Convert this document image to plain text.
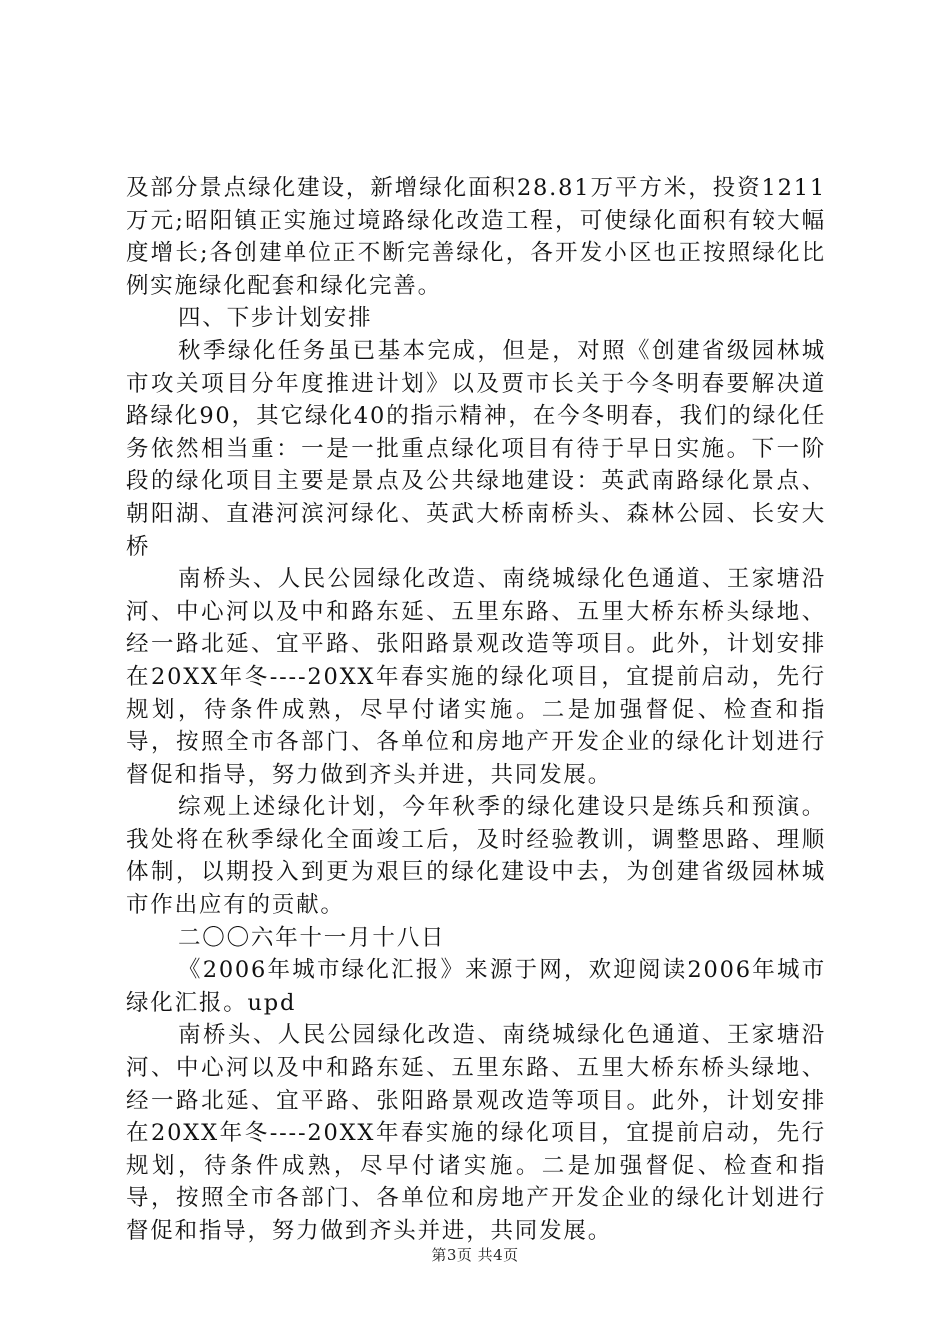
及部分景点绿化建设，新增绿化面积28.81万平方米，投资1211万元;昭阳镇正实施过境路绿化改造工程，可使绿化面积有较大幅度增长;各创建单位正不断完善绿化，各开发小区也正按照绿化比例实施绿化配套和绿化完善。

四、下步计划安排

秋季绿化任务虽已基本完成，但是，对照《创建省级园林城市攻关项目分年度推进计划》以及贾市长关于今冬明春要解决道路绿化90，其它绿化40的指示精神，在今冬明春，我们的绿化任务依然相当重：一是一批重点绿化项目有待于早日实施。下一阶段的绿化项目主要是景点及公共绿地建设：英武南路绿化景点、朝阳湖、直港河滨河绿化、英武大桥南桥头、森林公园、长安大桥

南桥头、人民公园绿化改造、南绕城绿化色通道、王家塘沿河、中心河以及中和路东延、五里东路、五里大桥东桥头绿地、经一路北延、宜平路、张阳路景观改造等项目。此外，计划安排在20XX年冬----20XX年春实施的绿化项目，宜提前启动，先行规划，待条件成熟，尽早付诸实施。二是加强督促、检查和指导，按照全市各部门、各单位和房地产开发企业的绿化计划进行督促和指导，努力做到齐头并进，共同发展。

综观上述绿化计划，今年秋季的绿化建设只是练兵和预演。我处将在秋季绿化全面竣工后，及时经验教训，调整思路、理顺体制，以期投入到更为艰巨的绿化建设中去，为创建省级园林城市作出应有的贡献。

二〇〇六年十一月十八日

《2006年城市绿化汇报》来源于网，欢迎阅读2006年城市绿化汇报。upd

南桥头、人民公园绿化改造、南绕城绿化色通道、王家塘沿河、中心河以及中和路东延、五里东路、五里大桥东桥头绿地、经一路北延、宜平路、张阳路景观改造等项目。此外，计划安排在20XX年冬----20XX年春实施的绿化项目，宜提前启动，先行规划，待条件成熟，尽早付诸实施。二是加强督促、检查和指导，按照全市各部门、各单位和房地产开发企业的绿化计划进行督促和指导，努力做到齐头并进，共同发展。

第3页 共4页
